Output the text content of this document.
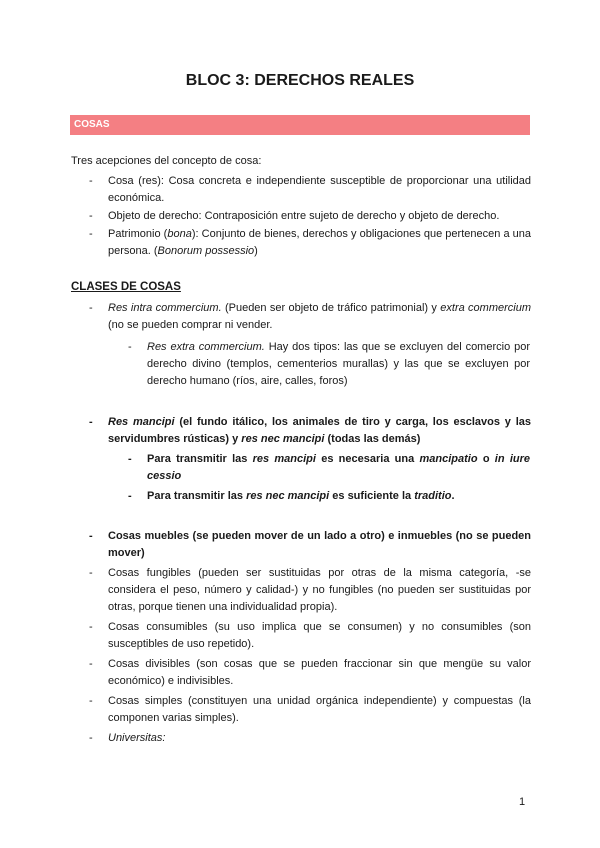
BLOC 3: DERECHOS REALES
COSAS
Tres acepciones del concepto de cosa:
- Cosa (res): Cosa concreta e independiente susceptible de proporcionar una utilidad económica.
- Objeto de derecho: Contraposición entre sujeto de derecho y objeto de derecho.
- Patrimonio (bona): Conjunto de bienes, derechos y obligaciones que pertenecen a una persona. (Bonorum possessio)
CLASES DE COSAS
- Res intra commercium. (Pueden ser objeto de tráfico patrimonial) y extra commercium (no se pueden comprar ni vender.
- Res extra commercium. Hay dos tipos: las que se excluyen del comercio por derecho divino (templos, cementerios murallas) y las que se excluyen por derecho humano (ríos, aire, calles, foros)
- Res mancipi (el fundo itálico, los animales de tiro y carga, los esclavos y las servidumbres rústicas) y res nec mancipi (todas las demás)
- Para transmitir las res mancipi es necesaria una mancipatio o in iure cessio
- Para transmitir las res nec mancipi es suficiente la traditio.
- Cosas muebles (se pueden mover de un lado a otro) e inmuebles (no se pueden mover)
- Cosas fungibles (pueden ser sustituidas por otras de la misma categoría, -se considera el peso, número y calidad-) y no fungibles (no pueden ser sustituidas por otras, porque tienen una individualidad propia).
- Cosas consumibles (su uso implica que se consumen) y no consumibles (son susceptibles de uso repetido).
- Cosas divisibles (son cosas que se pueden fraccionar sin que mengüe su valor económico) e indivisibles.
- Cosas simples (constituyen una unidad orgánica independiente) y compuestas (la componen varias simples).
- Universitas:
1
